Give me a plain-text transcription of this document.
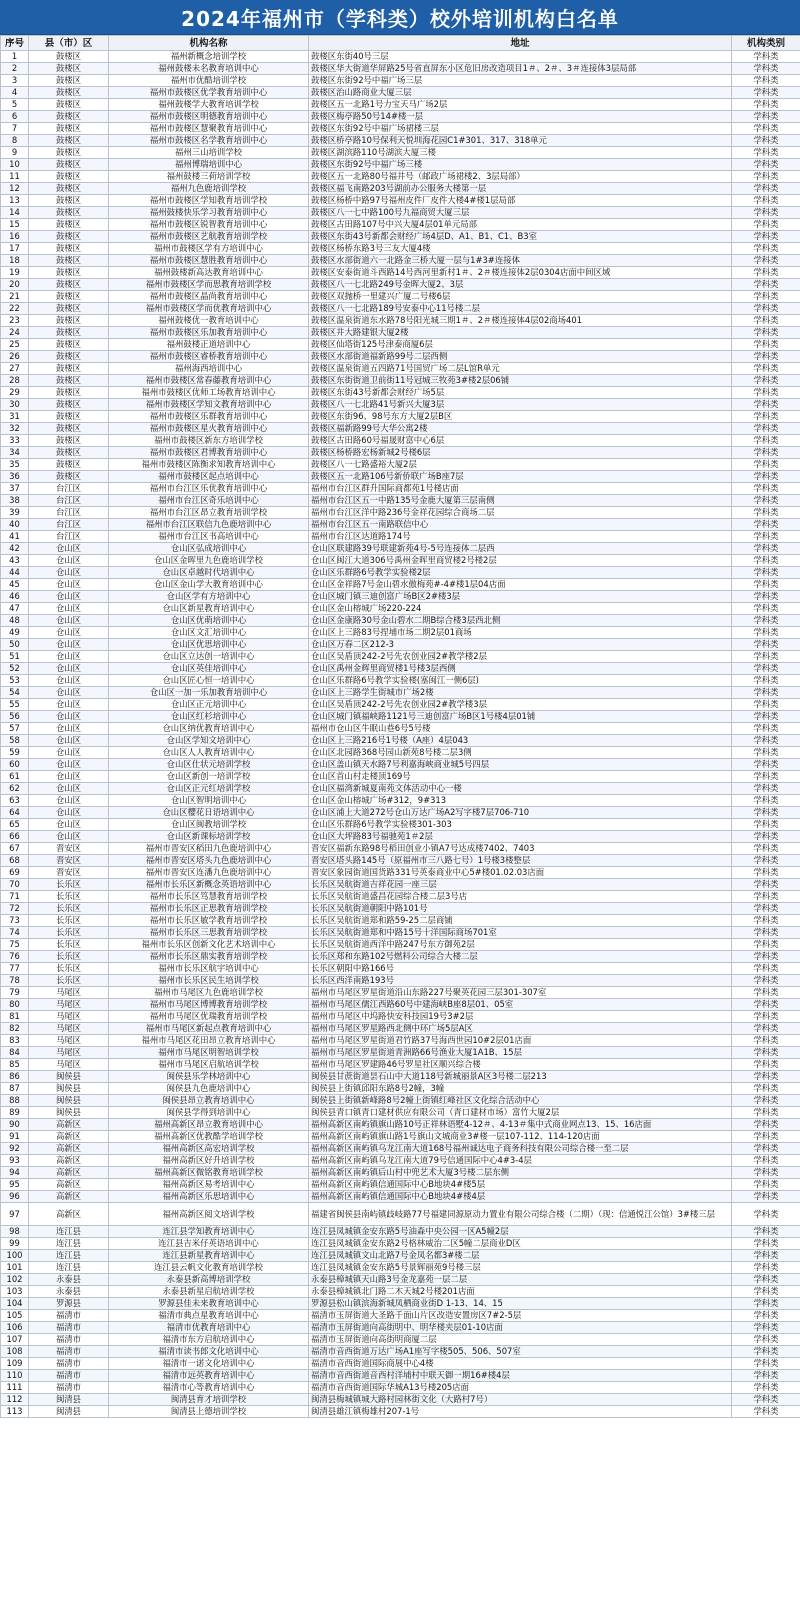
2024年福州市（学科类）校外培训机构白名单
序号	县（市）区	机构名称	地址	机构类别
1	鼓楼区	福州新概念培训学校	鼓楼区东街40号三层	学科类
2	鼓楼区	福州鼓楼未名教育培训中心	鼓楼区华大街道华屏路25号省直屏东小区危旧房改造项目1＃、2＃、3＃连接体3层局部	学科类
3	鼓楼区	福州市优酷培训学校	鼓楼区东街92号中福广场三层	学科类
4	鼓楼区	福州市鼓楼区优学教育培训中心	鼓楼区治山路商业大厦三层	学科类
5	鼓楼区	福州鼓楼学大教育培训学校	鼓楼区五一北路1号力宝天马广场2层	学科类
6	鼓楼区	福州市鼓楼区明德教育培训中心	鼓楼区梅亭路50号14#楼一层	学科类
7	鼓楼区	福州市鼓楼区慧聚教育培训中心	鼓楼区东街92号中福广场裙楼三层	学科类
8	鼓楼区	福州市鼓楼区名学教育培训中心	鼓楼区桥亭路10号保利天悦圳海花园C1#301、317、318单元	学科类
9	鼓楼区	福州三山培训学校	鼓楼区湖滨路110号湖滨大厦三楼	学科类
10	鼓楼区	福州博瑞培训中心	鼓楼区东街92号中福广场三楼	学科类
11	鼓楼区	福州鼓楼三荷培训学校	鼓楼区五一北路80号福井号（邮政广场裙楼2、3层局部）	学科类
12	鼓楼区	福州九色鹿培训学校	鼓楼区福飞南路203号湖前办公服务大楼第一层	学科类
13	鼓楼区	福州市鼓楼区学知教育培训学校	鼓楼区杨桥中路97号福州皮件厂皮件大楼4#楼1层局部	学科类
14	鼓楼区	福州鼓楼快乐学习教育培训中心	鼓楼区八一七中路100号九福商贸大厦三层	学科类
15	鼓楼区	福州市鼓楼区锐智教育培训中心	鼓楼区古田路107号中兴大厦4层01单元局部	学科类
16	鼓楼区	福州市鼓楼区艺航教育培训学校	鼓楼区东街43号新都会财经广场4层D、A1、B1、C1、B3室	学科类
17	鼓楼区	福州市鼓楼区学有方培训中心	鼓楼区杨桥东路3号三友大厦4楼	学科类
18	鼓楼区	福州市鼓楼区慧胜教育培训中心	鼓楼区水部街道六一北路金三桥大厦一层与1#3#连接体	学科类
19	鼓楼区	福州鼓楼新高达教育培训中心	鼓楼区安泰街道斗西路14号西河里新村1＃、2＃楼连接体2层0304店面中间区域	学科类
20	鼓楼区	福州市鼓楼区学而思教育培训学校	鼓楼区八一七北路249号金晖大厦2、3层	学科类
21	鼓楼区	福州市鼓楼区晶尚教育培训中心	鼓楼区双抛桥一里建兴广厦二号楼6层	学科类
22	鼓楼区	福州市鼓楼区学而优教育培训中心	鼓楼区八一七北路189号安泰中心11号楼二层	学科类
23	鼓楼区	福州鼓楼优一教育培训中心	鼓楼区温泉街道东水路78号阳光城三期1＃、2＃楼连接体4层02商场401	学科类
24	鼓楼区	福州市鼓楼区乐加教育培训中心	鼓楼区井大路建银大厦2楼	学科类
25	鼓楼区	福州鼓楼正道培训中心	鼓楼区仙塔街125号津泰商厦6层	学科类
26	鼓楼区	福州市鼓楼区睿桥教育培训中心	鼓楼区水部街道福新路99号二层西侧	学科类
27	鼓楼区	福州海西培训中心	鼓楼区温泉街道五四路71号国贸广场二层L馆R单元	学科类
28	鼓楼区	福州市鼓楼区常春藤教育培训中心	鼓楼区东街街道卫前街11号冠城三牧苑3#楼2层06铺	学科类
29	鼓楼区	福州市鼓楼区优师工场教育培训中心	鼓楼区东街43号新都会财经广场5层	学科类
30	鼓楼区	福州市鼓楼区学知文教育培训中心	鼓楼区八一七北路41号新兴大厦3层	学科类
31	鼓楼区	福州市鼓楼区乐群教育培训中心	鼓楼区东街96、98号东方大厦2层B区	学科类
32	鼓楼区	福州市鼓楼区星火教育培训中心	鼓楼区福新路99号大华公寓2楼	学科类
33	鼓楼区	福州市鼓楼区新东方培训学校	鼓楼区古田路60号福晟财富中心6层	学科类
34	鼓楼区	福州市鼓楼区君博教育培训中心	鼓楼区杨桥路宏杨新城2号楼6层	学科类
35	鼓楼区	福州市鼓楼区陈衡求知教育培训中心	鼓楼区八一七路盛裕大厦2层	学科类
36	鼓楼区	福州市鼓楼区起点培训中心	鼓楼区五一北路106号新侨联广场B座7层	学科类
37	台江区	福州市台江区乐优教育培训中心	福州市台江区群升国际商都苑1号楼店面	学科类
38	台江区	福州市台江区奇乐培训中心	福州市台江区五一中路135号金鹿大厦第三层南侧	学科类
39	台江区	福州市台江区昂立教育培训学校	福州市台江区洋中路236号金祥花园综合商场二层	学科类
40	台江区	福州市台江区联信九色鹿培训中心	福州市台江区五一南路联信中心	学科类
41	台江区	福州市台江区书高培训中心	福州市台江区达道路174号	学科类
42	仓山区	仓山区弘成培训中心	仓山区联建路39号联建新苑4号-5号连接体二层西	学科类
43	仓山区	仓山区金晖里九色鹿培训学校	仓山区闽江大道306号禹州金晖里商贸楼2号楼2层	学科类
44	仓山区	仓山区卓越时代培训中心	仓山区乐群路6号教学实验楼2层	学科类
45	仓山区	仓山区金山学大教育培训中心	仓山区金祥路7号金山碧水傲梅苑#-4#楼1层04店面	学科类
46	仓山区	仓山区学有方培训中心	仓山区城门镇三迪创富广场B区2#楼3层	学科类
47	仓山区	仓山区新星教育培训中心	仓山区金山榕城广场220-224	学科类
48	仓山区	仓山区优萌培训中心	仓山区金康路30号金山碧水二期B综合楼3层西北侧	学科类
49	仓山区	仓山区文汇培训中心	仓山区上三路83号捏埔市场二期2层01商场	学科类
50	仓山区	仓山区优思培训中心	仓山区万春二区212-3	学科类
51	仓山区	仓山区立达创一培训中心	仓山区吴盾顶242-2号先农创业园2#教学楼2层	学科类
52	仓山区	仓山区英佳培训中心	仓山区禹州金辉里商贸楼1号楼3层西侧	学科类
53	仓山区	仓山区匠心恒一培训中心	仓山区乐群路6号教学实验楼(塞闽江一侧6层)	学科类
54	仓山区	仓山区一加一乐加教育培训中心	仓山区上三路学生街城市广场2楼	学科类
55	仓山区	仓山区正元培训中心	仓山区吴盾顶242-2号先农创业园2#教学楼3层	学科类
56	仓山区	仓山区红杉培训中心	仓山区城门镇福峡路1121号三迪创富广场B区1号楼4层01铺	学科类
57	仓山区	仓山区纳优教育培训中心	福州市仓山区牛眠山巷6号5号楼	学科类
58	仓山区	仓山区学知文培训中心	仓山区上三路216号1号楼（A座）4层043	学科类
59	仓山区	仓山区人人教育培训中心	仓山区北园路368号园山新苑8号楼二层3侧	学科类
60	仓山区	仓山区仕状元培训学校	仓山区盖山镇天水路7号利嘉海峡商业城5号四层	学科类
61	仓山区	仓山区新创一培训学校	仓山区首山村走楼顶169号	学科类
62	仓山区	仓山区正元红培训学校	仓山区福湾新城夏南苑文体活动中心一楼	学科类
63	仓山区	仓山区智明培训中心	仓山区金山榕城广场#312，9#313	学科类
64	仓山区	仓山区樱花日语培训中心	仓山区浦上大道272号仓山万达广场A2写字楼7层706-710	学科类
65	仓山区	仓山区闽教培训学校	仓山区乐群路6号教学实验楼301-303	学科类
66	仓山区	仓山区新课标培训学校	仓山区大坪路83号福驰苑1＃2层	学科类
67	晋安区	福州市晋安区稻田九色鹿培训中心	晋安区福新东路98号稻田创业小镇A7号达成楼7402、7403	学科类
68	晋安区	福州市晋安区塔头九色鹿培训中心	晋安区塔头路145号（原福州市三八路七号）1号楼3楼整层	学科类
69	晋安区	福州市晋安区连潘九色鹿培训中心	晋安区象园街道国货路331号英泰商业中心5#楼01.02.03店面	学科类
70	长乐区	福州市长乐区新概念英语培训中心	长乐区吴航街道吉祥花园一座三层	学科类
71	长乐区	福州市长乐区笃慧教育培训学校	长乐区吴航街道盛昌花园综合楼二层3号店	学科类
72	长乐区	福州市长乐区正思教育培训学校	长乐区吴航街道朝阳中路101号	学科类
73	长乐区	福州市长乐区敏学教育培训学校	长乐区吴航街道郑和路59-25二层商铺	学科类
74	长乐区	福州市长乐区三思教育培训学校	长乐区吴航街道郑和中路15号十洋国际商场701室	学科类
75	长乐区	福州市长乐区创新文化艺术培训中心	长乐区吴航街道西洋中路247号东方御苑2层	学科类
76	长乐区	福州市长乐区鼎实教育培训学校	长乐区郑和东路102号燃料公司综合大楼二层	学科类
77	长乐区	福州市长乐区航宇培训中心	长乐区朝阳中路166号	学科类
78	长乐区	福州市长乐区民生培训学校	长乐区西洋南路193号	学科类
79	马尾区	福州市马尾区九色鹿培训学校	福州市马尾区罗星街道沿山东路227号聚英花园三层301-307室	学科类
80	马尾区	福州市马尾区博博教育培训学校	福州市马尾区儒江西路60号中建海峡B座8层01、05室	学科类
81	马尾区	福州市马尾区优瑞教育培训学校	福州市马尾区中坞路快安科技园19号3#2层	学科类
82	马尾区	福州市马尾区新起点教育培训中心	福州市马尾区罗星路西北侧中环广场5层A区	学科类
83	马尾区	福州市马尾区花田昂立教育培训中心	福州市马尾区罗星街道君竹路37号海西世园10#2层01店面	学科类
84	马尾区	福州市马尾区明智培训学校	福州市马尾区罗星街道青洲路66号渔业大厦1A1B、15层	学科类
85	马尾区	福州市马尾区启航培训学校	福州市马尾区罗建路46号罗星社区顺兴综合楼	学科类
86	闽侯县	闽侯县乐学林培训中心	闽侯县甘蔗街道昙石山中大道118号新城丽景A区3号楼二层213	学科类
87	闽侯县	闽侯县九色鹿培训中心	闽侯县上街镇邱阳东路8号2幢，3幢	学科类
88	闽侯县	闽侯县昂立教育培训中心	闽侯县上街镇新峰路8号2幢上街镇红峰社区文化综合活动中心	学科类
89	闽侯县	闽侯县学得到培训中心	闽侯县青口镇青口建材供应有限公司（青口建材市场）富竹大厦2层	学科类
90	高新区	福州高新区昂立教育培训中心	福州高新区南屿镇旗山路10号正祥林语墅4-12＃、4-13＃集中式商业网点13、15、16店面	学科类
91	高新区	福州高新区优教酷学培训学校	福州高新区南屿镇旗山路1号旗山文城商业3#楼一层107-112、114-120店面	学科类
92	高新区	福州高新区高宏培训学校	福州高新区南屿镇乌龙江南大道168号福州诚达电子商务科技有限公司综合楼一至二层	学科类
93	高新区	福州高新区好升培训学校	福州高新区南屿镇乌龙江南大道79号信通国际中心4#3-4层	学科类
94	高新区	福州高新区微铭教育培训学校	福州高新区南屿镇后山村中兜艺术大厦3号楼二层东侧	学科类
95	高新区	福州高新区易考培训中心	福州高新区南屿镇信通国际中心B地块4#楼5层	学科类
96	高新区	福州高新区乐思培训中心	福州高新区南屿镇信通国际中心B地块4#楼4层	学科类
97	高新区	福州高新区阅文培训学校	福建省闽侯县南屿镇歧岐路77号福建同源原动力置业有限公司综合楼（二期）（现：信通悦江公馆）3#楼三层	学科类
98	连江县	连江县学知教育培训中心	连江县凤城镇金安东路5号油森中央公园一区A5幢2层	学科类
99	连江县	连江县吉米仔英语培训中心	连江县凤城镇金安东路2号格林威治二区5幢二层商业D区	学科类
100	连江县	连江县新星教育培训中心	连江县凤城镇文山北路7号金凤名都3#楼二层	学科类
101	连江县	连江县云帆文化教育培训学校	连江县凤城镇金安东路5号景辉丽苑9号楼三层	学科类
102	永泰县	永泰县新高博培训学校	永泰县樟城镇天山路3号金龙嘉苑一层二层	学科类
103	永泰县	永泰县新星启航培训学校	永泰县樟城镇北门路二木天城2号楼201店面	学科类
104	罗源县	罗源县佳未来教育培训中心	罗源县松山镇滨海新城凤栖商业街D 1-13、14、15	学科类
105	福清市	福清市典点星教育培训中心	福清市玉屏街道大圣路千面山片区改造安置房区7#2-5层	学科类
106	福清市	福清市优教育培训中心	福清市玉屏街道向高街明中、明华楼夹层01-10店面	学科类
107	福清市	福清市东方启航培训中心	福清市玉屏街道向高街明商厦二层	学科类
108	福清市	福清市读书郎文化培训中心	福清市音西街道万达广场A1座写字楼505、506、507室	学科类
109	福清市	福清市一诺文化培训中心	福清市音西街道国际商展中心4楼	学科类
110	福清市	福清市远英教育培训中心	福清市音西街道音西村洋埔村中联天御一期16#楼4层	学科类
111	福清市	福清市心等教育培训中心	福清市音西街道国际华城A13号楼205店面	学科类
112	闽清县	闽清县育才培训学校	闽清县梅城镇城大路村园林街文化（大路村7号）	学科类
113	闽清县	闽清县上德培训学校	闽清县雄江镇梅雄村207-1号	学科类
